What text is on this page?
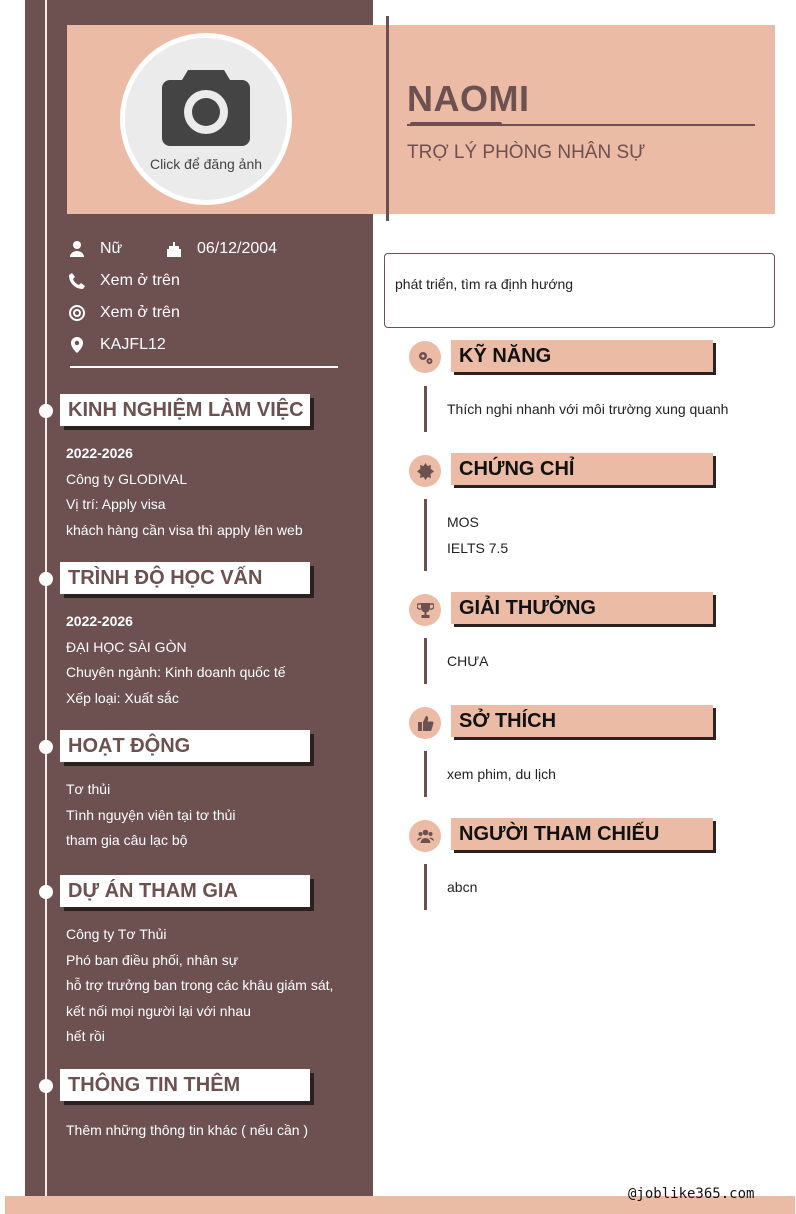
Click để đăng ảnh
NAOMI
TRỢ LÝ PHÒNG NHÂN SỰ
Nữ	06/12/2004
Xem ở trên
Xem ở trên
KAJFL12
KINH NGHIỆM LÀM VIỆC
2022-2026
Công ty GLODIVAL
Vị trí: Apply visa
khách hàng cần visa thì apply lên web
TRÌNH ĐỘ HỌC VẤN
2022-2026
ĐẠI HỌC SÀI GÒN
Chuyên ngành: Kinh doanh quốc tế
Xếp loại: Xuất sắc
HOẠT ĐỘNG
Tơ thủi
Tình nguyện viên tại tơ thủi
tham gia câu lạc bộ
DỰ ÁN THAM GIA
Công ty Tơ Thủi
Phó ban điều phối, nhân sự
hỗ trợ trưởng ban trong các khâu giám sát,
kết nối mọi người lại với nhau
hết rồi
THÔNG TIN THÊM
Thêm những thông tin khác ( nếu cần )
phát triển, tìm ra định hướng
KỸ NĂNG
Thích nghi nhanh với môi trường xung quanh
CHỨNG CHỈ
MOS
IELTS 7.5
GIẢI THƯỞNG
CHƯA
SỞ THÍCH
xem phim, du lịch
NGƯỜI THAM CHIẾU
abcn
@joblike365.com
